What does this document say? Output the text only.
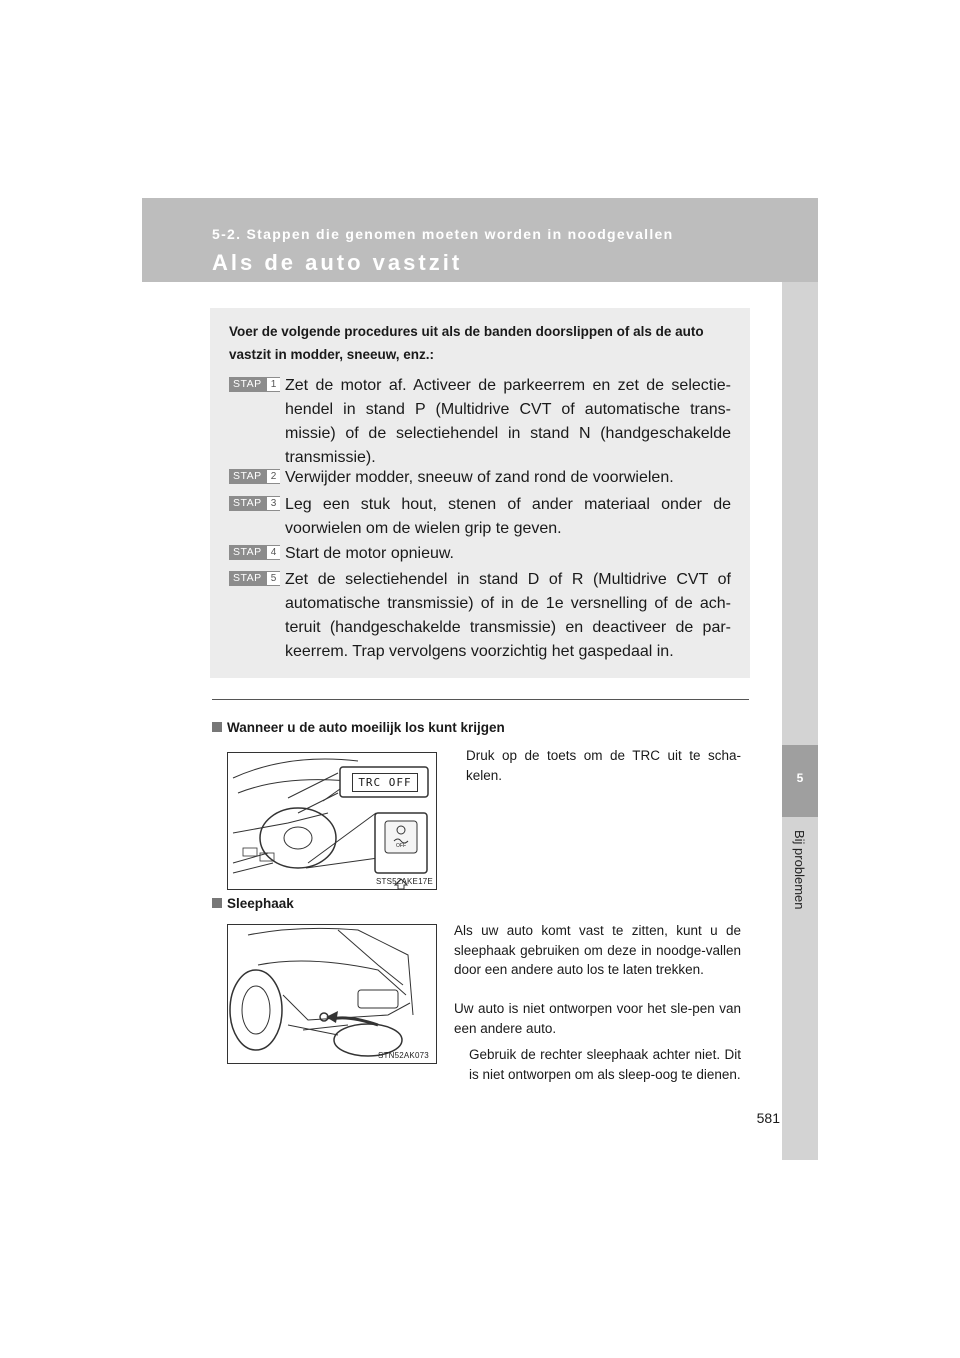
5-2. Stappen die genomen moeten worden in noodgevallen
Als de auto vastzit
5
Bij problemen
Voer de volgende procedures uit als de banden doorslippen of als de auto vastzit in modder, sneeuw, enz.:
STAP 1 Zet de motor af. Activeer de parkeerrem en zet de selectie-hendel in stand P (Multidrive CVT of automatische trans-missie) of de selectiehendel in stand N (handgeschakelde transmissie).
STAP 2 Verwijder modder, sneeuw of zand rond de voorwielen.
STAP 3 Leg een stuk hout, stenen of ander materiaal onder de voorwielen om de wielen grip te geven.
STAP 4 Start de motor opnieuw.
STAP 5 Zet de selectiehendel in stand D of R (Multidrive CVT of automatische transmissie) of in de 1e versnelling of de ach-teruit (handgeschakelde transmissie) en deactiveer de par-keerrem. Trap vervolgens voorzichtig het gaspedaal in.
Wanneer u de auto moeilijk los kunt krijgen
Druk op de toets om de TRC uit te scha-kelen.
TRC OFF
OFF
STS52AKE17E
Sleephaak
Als uw auto komt vast te zitten, kunt u de sleephaak gebruiken om deze in noodge-vallen door een andere auto los te laten trekken.
Uw auto is niet ontworpen voor het sle-pen van een andere auto.
Gebruik de rechter sleephaak achter niet. Dit is niet ontworpen om als sleep-oog te dienen.
STN52AK073
581
